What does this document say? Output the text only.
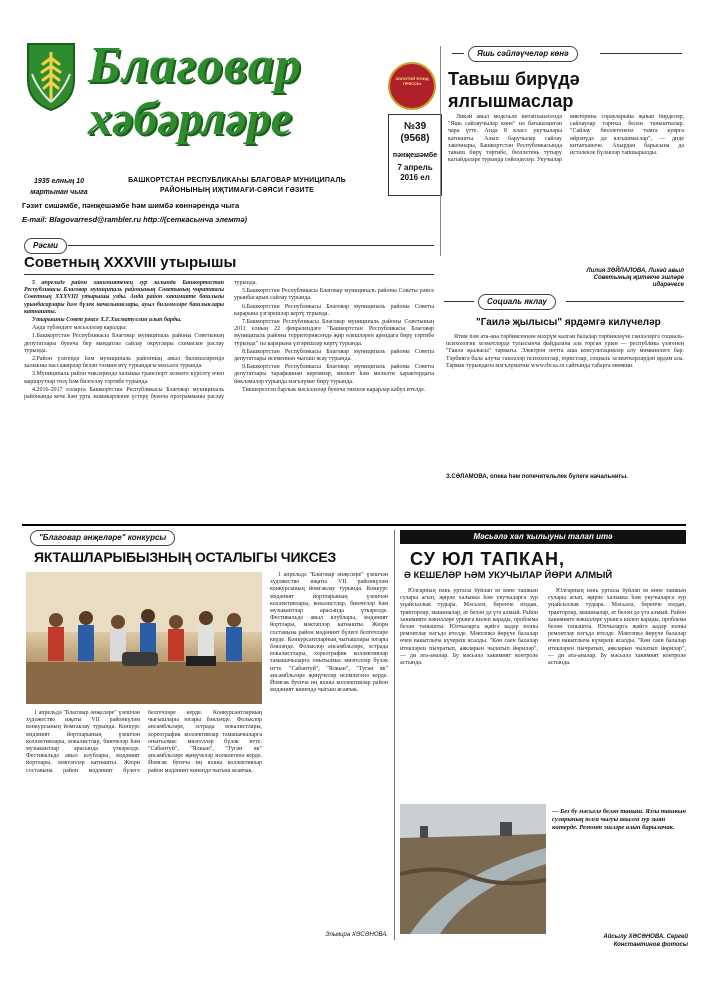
Благовар
хәбәрләре
1935 елның 10 мартынан чыга
БАШКОРТСТАН РЕСПУБЛИКАҺЫ БЛАГОВАР МУНИЦИПАЛЬ РАЙОНЫНЫҢ ИҖТИМАҒИ-СӘЯСИ ГӘЗИТЕ
Гәзит сишәмбе, пәнҗешәмбе һәм шимбә көннәрендә чыга
E-mail: Blagovarresd@rambler.ru http://(сеткасынча элемтә)
ЗОЛОТОЙ ФОНД ПРЕССЫ
№39 (9568)
пәнҗешәмбе
7 апрель 2016 ел
Яшь сәйләүчеләр көнә
Тавыш бирүдә ялгышмаслар

Ликәй авыл модельле китапханәсендә "Яшь сайлаучылар көне" нә багышланган чара үтте. Анда 8 класс укучылары катнашты. Алып баручылар сайлау законнары, Башкортстан Республикасында тавыш бирү тәртибе, бюллетень тутыру кагыйдәләре турында сөйләделәр. Укучылар викторина сорауларына җавап бирделәр, сайлаулар тарихы белән таныштылар. "Сайлау бюллетененә тамга куярга өйрәнүдә дә ялгышмаслар", — диде китапханәче. Ахырдан барысына да истәлекле бүләкләр тапшырылды.

Лилия ЗӘЙЛАЛОВА, Ликәй авыл Советының җитәкче эшләре идарәчесе
Рәсми
Советның XXXVIII утырышы

5 апрельдә район хакимиятенең зур залында Башкортостан Республикасы Благовар муниципаль районының Советының чираттагы Советның XXXVIII утырышы узды. Анда район хакимияте башлығы урынбасарлары һәм бүлек начальниклары, ауыл биләмәләре башлыклары катнашты.

Утырышны Совет рәисе Х.Г.Хисматуллин алып барды.

Анда түбәндәге мәсьәләләр каралды:

1.Башкортстан Республикасы Благовар муниципаль районы Советының депутатлары буенча бер мандатлы сайлау округлары схемасын раслау турында.

2.Район үзәгендә һәм муниципаль районның авыл биләмәләрендә халыкны пассажирлар белән тәэмин итү турындагы мәсьәлә турында.

3.Муниципаль район чикләрендә халыкка транспорт хезмәте күрсәтү өчен маршрутлар төзү һәм билгеләү тәртибе турында.

4.2016-2017 елларга Башкортстан Республикасы Благовар муниципаль районында кече һәм урта эшмәкәрлекне үстерү буенча программаны раслау турында.

5.Башкортстан Республикасы Благовар муниципаль районы Советы рәисе урынбасарын сайлау турында.

6.Башкортстан Республикасы Благовар муниципаль районы Советы карарына үзгәрешләр кертү турында.

7.Башкортстан Республикасы Благовар муниципаль районы Советының 2011 елның 22 февралендәге "Башкортстан Республикасы Благовар муниципаль районы территориясендә җир өлешләрен арендага бирү тәртибе турында" гы карарына үзгәрешләр кертү турында.

8.Башкортстан Республикасы Благовар муниципаль районы Советы депутатлары исеменнән чыгыш ясау турында.

9.Башкортстан Республикасы Благовар муниципаль районы Советы депутатлары тарафыннан керемнәр, мөлкәт һәм мөлкәти характердагы йөкләмәләр турында мәгълүмат бирү турында.

Тикшерелгән барлык мәсьәләләр буенча тиешле карарлар кабул ителде.

Социаль яклау
"Гаилә җылысы" ярдәмгә килүчеләр

Ятим һәм ата-ана тәрбиясеннән мәхрүм калган балалар тәрбияләүче гаиләләргә социаль-психологик хезмәтләрдә тулысынча файдалана ала торган урын — республика үзәгенең "Гаилә җылысы" тармагы. Электрон почта аша консультацияләр алу мөмкинлеге бар. Тәрбиягә бала алучы гаиләләр психологлар, юристлар, социаль хезмәткәрләрдән ярдәм ала. Тармак турындагы мәгълүматны www.rbcsa.ru сайтында табарга мөмкин.

З.СӘЛАМОВА, опека һәм попечительлек бүлеге начальнигы.
"Благовар әнҗеләре" конкурсы
ЯКТАШЛАРЫБЫЗНЫҢ ОСТАЛЫГЫ ЧИКСЕЗ

1 апрельдә "Благовар әнҗеләре" үзешчән художество иҗаты VII районкүләм конкурсының йомгаклау турында. Конкурс мәдәният йортларының үзешчән коллективлары, вокалистлар, биючеләр һәм музыкантлар арасында үткәрелде. Фестивальдә авыл клублары, мәдәният йортлары, мәктәпләр катнашты. Жюри составына район мәдәният бүлеге белгечләре керде. Конкурсантларның чыгышлары югары бәяләнде. Фольклор ансамбльләре, эстрада вокалистлары, хореографик коллективлар тамашачыларга онытылмас мизгелләр бүләк итте. "Сабантуй", "Ялкын", "Туган як" ансамбльләре җиңүчеләр исемлегенә керде. Йомгак буенча иң яхшы коллективлар район мәдәният көнендә чыгыш ясаячак.

1 апрельдә "Благовар әнҗеләре" үзешчән художество иҗаты VII районкүләм конкурсының йомгаклау турында. Конкурс мәдәният йортларының үзешчән коллективлары, вокалистлар, биючеләр һәм музыкантлар арасында үткәрелде. Фестивальдә авыл клублары, мәдәният йортлары, мәктәпләр катнашты. Жюри составына район мәдәният бүлеге белгечләре керде. Конкурсантларның чыгышлары югары бәяләнде. Фольклор ансамбльләре, эстрада вокалистлары, хореографик коллективлар тамашачыларга онытылмас мизгелләр бүләк итте. "Сабантуй", "Ялкын", "Туган як" ансамбльләре җиңүчеләр исемлегенә керде. Йомгак буенча иң яхшы коллективлар район мәдәният көнендә чыгыш ясаячак.

Эльмира ХӘСӘНОВА.
Мәсьәлә хәл ҡылыуны талап итә
СУ ЮЛ ТАПКАН,
Ә КЕШЕЛӘР ҺӘМ УКУЧЫЛАР ЙӨРИ АЛМЫЙ

Юлгарның нәкъ уртасы буйлап яз көне ташкын сулары агып, җирле халыкка һәм укучыларга зур уңайсызлык тудыра. Мәсьәлә, беренче юлдан, тракторлар, машиналар, ат белән дә үтә алмый. Район хакимияте вәкилләре урынга килеп карады, проблема белән танышты. Юлчыларга җәйгә кадәр юлны ремонтлау вәгъдә ителде. Мәктәпкә йөрүче балалар өчен вакытлыча күчереш ясалды. "Көн саен балалар итекләрен пычратып, аякларын чылатып йөриләр", — ди ата-аналар. Бу мәсьәлә хакимият контроле астында.

Юлгарның нәкъ уртасы буйлап яз көне ташкын сулары агып, җирле халыкка һәм укучыларга зур уңайсызлык тудыра. Мәсьәлә, беренче юлдан, тракторлар, машиналар, ат белән дә үтә алмый. Район хакимияте вәкилләре урынга килеп карады, проблема белән танышты. Юлчыларга җәйгә кадәр юлны ремонтлау вәгъдә ителде. Мәктәпкә йөрүче балалар өчен вакытлыча күчереш ясалды. "Көн саен балалар итекләрен пычратып, аякларын чылатып йөриләр", — ди ата-аналар. Бу мәсьәлә хакимият контроле астында.

— Без бу мәсьәлә белән таныш. Язгы ташкын суларының юлга чыгуы авылга зур зыян китерде. Ремонт эшләре алып барылачак.
Айсылу ХӘСӘНОВА. Сергей Константинов фотосы
